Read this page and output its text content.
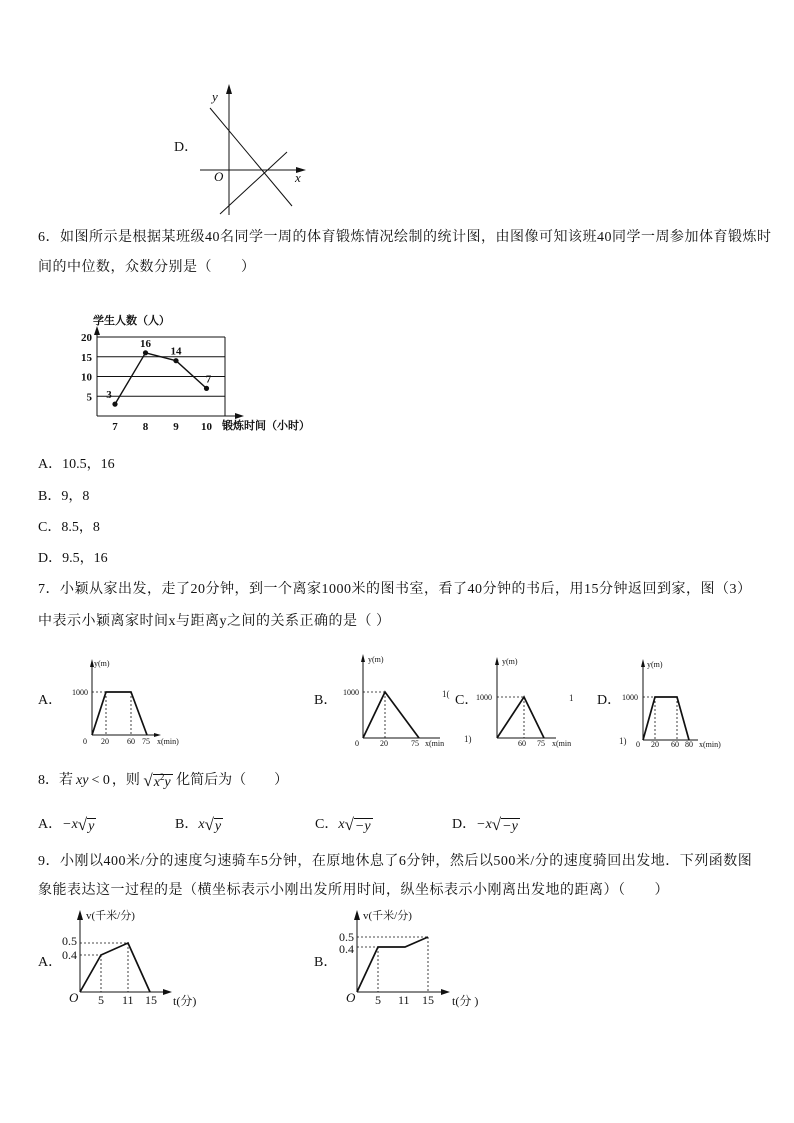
y
x
O
5
10
15
20
7 8 9 10
学生人数（人）
锻炼时间（小时）
3
16
14
7
y(m)
1000
0 20 60 75 x(min)
y(m)
1000
0	20	75 x(min
y(m)
1000
60 75 x(min
y(m)
1000
0 20 60 80 x(min)
v(千米/分)
0.5
0.4
O 5 11 15 t(分)
v(千米/分)
0.5
0.4
O 5 11 15 t(分 )
D．
6．如图所示是根据某班级40名同学一周的体育锻炼情况绘制的统计图，由图像可知该班40同学一周参加体育锻炼时
间的中位数，众数分别是（　　）
A．10.5，16
B．9，8
C．8.5，8
D．9.5，16
7．小颖从家出发，走了20分钟，到一个离家1000米的图书室，看了40分钟的书后，用15分钟返回到家，图（3）
中表示小颖离家时间x与距离y之间的关系正确的是（ ）
A．	B．	C．	D．
1(	1
1)	1)
8．若 xy < 0 ，则 √ $x^2y$ 化简后为（　　）
A．−x √ y	B．x √ y	C．x √ −y	D．−x √ −y
9．小刚以400米/分的速度匀速骑车5分钟，在原地休息了6分钟，然后以500米/分的速度骑回出发地．下列函数图
象能表达这一过程的是（横坐标表示小刚出发所用时间，纵坐标表示小刚离出发地的距离）（　　）
A．	B．
